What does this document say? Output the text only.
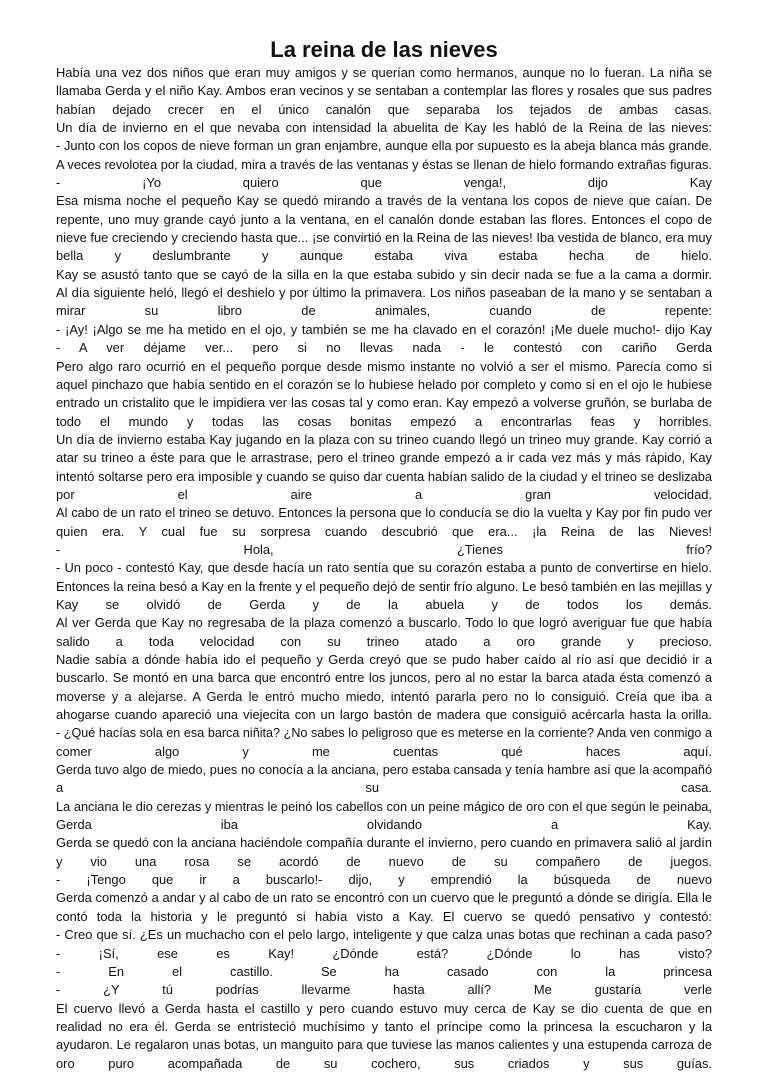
La reina de las nieves
Había una vez dos niños que eran muy amigos y se querían como hermanos, aunque no lo fueran. La niña se
llamaba Gerda y el niño Kay. Ambos eran vecinos y se sentaban a contemplar las flores y rosales que sus padres
habían dejado crecer en el único canalón que separaba los tejados de ambas casas.
Un día de invierno en el que nevaba con intensidad la abuelita de Kay les habló de la Reina de las nieves:
- Junto con los copos de nieve forman un gran enjambre, aunque ella por supuesto es la abeja blanca más grande.
A veces revolotea por la ciudad, mira a través de las ventanas y éstas se llenan de hielo formando extrañas figuras.
- ¡Yo quiero que venga!, dijo Kay
Esa misma noche el pequeño Kay se quedó mirando a través de la ventana los copos de nieve que caían. De
repente, uno muy grande cayó junto a la ventana, en el canalón donde estaban las flores. Entonces el copo de
nieve fue creciendo y creciendo hasta que... ¡se convirtió en la Reina de las nieves! Iba vestida de blanco, era muy
bella y deslumbrante y aunque estaba viva estaba hecha de hielo.
Kay se asustó tanto que se cayó de la silla en la que estaba subido y sin decir nada se fue a la cama a dormir.
Al día siguiente heló, llegó el deshielo y por último la primavera. Los niños paseaban de la mano y se sentaban a
mirar su libro de animales, cuando de repente:
- ¡Ay! ¡Algo se me ha metido en el ojo, y también se me ha clavado en el corazón! ¡Me duele mucho!- dijo Kay
- A ver déjame ver... pero si no llevas nada - le contestó con cariño Gerda
Pero algo raro ocurrió en el pequeño porque desde mismo instante no volvió a ser el mismo. Parecía como si
aquel pinchazo que había sentido en el corazón se lo hubiese helado por completo y como si en el ojo le hubiese
entrado un cristalito que le impidiera ver las cosas tal y como eran. Kay empezó a volverse gruñón, se burlaba de
todo el mundo y todas las cosas bonitas empezó a encontrarlas feas y horribles.
Un día de invierno estaba Kay jugando en la plaza con su trineo cuando llegó un trineo muy grande. Kay corrió a
atar su trineo a éste para que le arrastrase, pero el trineo grande empezó a ir cada vez más y más rápido, Kay
intentó soltarse pero era imposible y cuando se quiso dar cuenta habían salido de la ciudad y el trineo se deslizaba
por el aire a gran velocidad.
Al cabo de un rato el trineo se detuvo. Entonces la persona que lo conducía se dio la vuelta y Kay por fin pudo ver
quien era. Y cual fue su sorpresa cuando descubrió que era... ¡la Reina de las Nieves!
- Hola, ¿Tienes frío?
- Un poco - contestó Kay, que desde hacía un rato sentía que su corazón estaba a punto de convertirse en hielo.
Entonces la reina besó a Kay en la frente y el pequeño dejó de sentir frío alguno. Le besó también en las mejillas y
Kay se olvidó de Gerda y de la abuela y de todos los demás.
Al ver Gerda que Kay no regresaba de la plaza comenzó a buscarlo. Todo lo que logró averiguar fue que había
salido a toda velocidad con su trineo atado a oro grande y precioso.
Nadie sabía a dónde había ido el pequeño y Gerda creyó que se pudo haber caído al río así que decidió ir a
buscarlo. Se montó en una barca que encontró entre los juncos, pero al no estar la barca atada ésta comenzó a
moverse y a alejarse. A Gerda le entró mucho miedo, intentó pararla pero no lo consiguió. Creía que iba a
ahogarse cuando apareció una viejecita con un largo bastón de madera que consiguió acércarla hasta la orilla.
- ¿Qué hacías sola en esa barca niñita? ¿No sabes lo peligroso que es meterse en la corriente? Anda ven conmigo a
comer algo y me cuentas qué haces aquí.
Gerda tuvo algo de miedo, pues no conocía a la anciana, pero estaba cansada y tenía hambre así que la acompañó
a su casa.
La anciana le dio cerezas y mientras le peinó los cabellos con un peine mágico de oro con el que según le peinaba,
Gerda iba olvidando a Kay.
Gerda se quedó con la anciana haciéndole compañía durante el invierno, pero cuando en primavera salió al jardín
y vio una rosa se acordó de nuevo de su compañero de juegos.
- ¡Tengo que ir a buscarlo!- dijo, y emprendió la búsqueda de nuevo
Gerda comenzó a andar y al cabo de un rato se encontró con un cuervo que le preguntó a dónde se dirigía. Ella le
contó toda la historia y le preguntó si había visto a Kay. El cuervo se quedó pensativo y contestó:
- Creo que sí. ¿Es un muchacho con el pelo largo, inteligente y que calza unas botas que rechinan a cada paso?
- ¡Sí, ese es Kay! ¿Dónde está? ¿Dónde lo has visto?
- En el castillo. Se ha casado con la princesa
- ¿Y tú podrías llevarme hasta allí? Me gustaría verle
El cuervo llevó a Gerda hasta el castillo y pero cuando estuvo muy cerca de Kay se dio cuenta de que en
realidad no era él. Gerda se entristeció muchísimo y tanto el príncipe como la princesa la escucharon y la
ayudaron. Le regalaron unas botas, un manguito para que tuviese las manos calientes y una estupenda carroza de
oro puro acompañada de su cochero, sus criados y sus guías.
